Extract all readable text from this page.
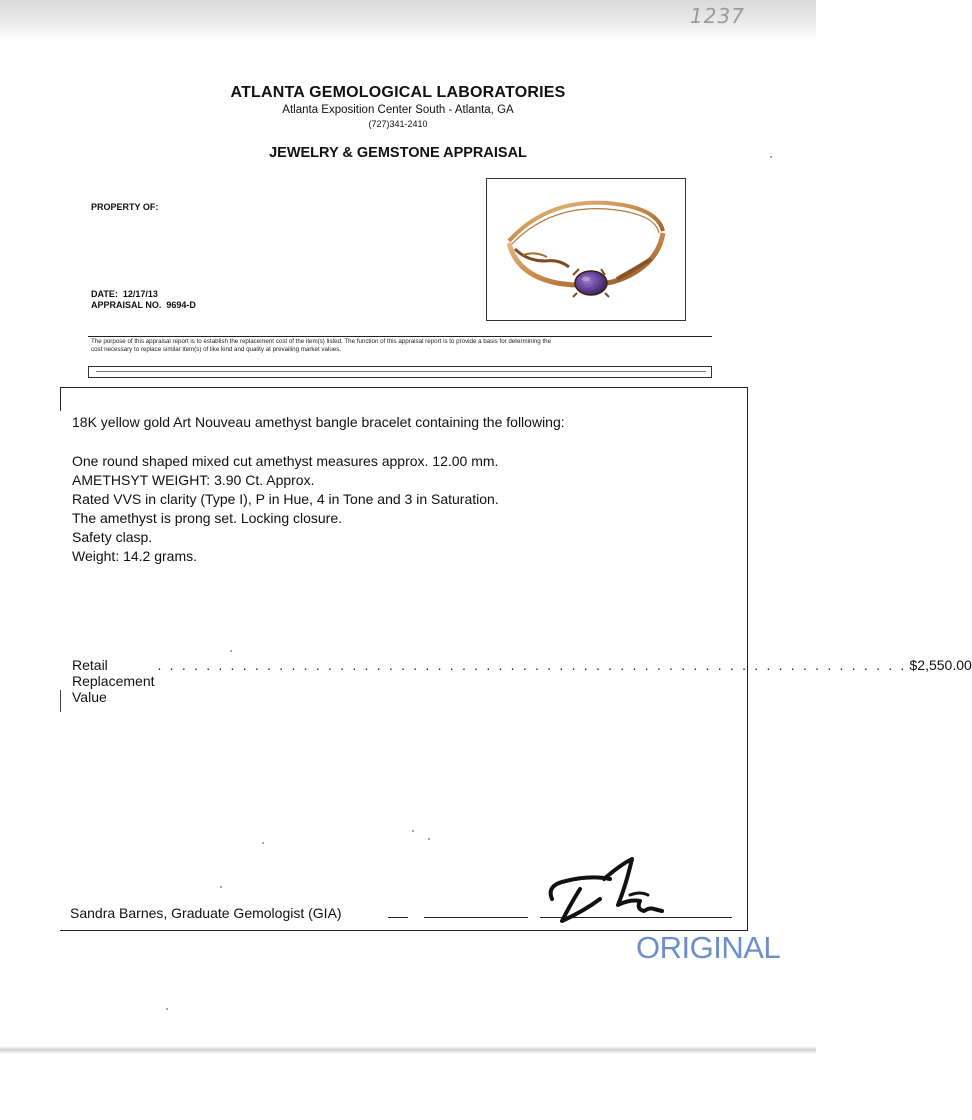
1237
ATLANTA GEMOLOGICAL LABORATORIES
Atlanta Exposition Center South - Atlanta, GA
(727)341-2410
JEWELRY & GEMSTONE APPRAISAL
PROPERTY OF:
DATE: 12/17/13
APPRAISAL NO. 9694-D
The purpose of this appraisal report is to establish the replacement cost of the item(s) listed. The function of this appraisal report is to provide a basis for determining the
cost necessary to replace similar item(s) of like kind and quality at prevailing market values.
18K yellow gold Art Nouveau amethyst bangle bracelet containing the following:
One round shaped mixed cut amethyst measures approx. 12.00 mm.
AMETHSYT WEIGHT: 3.90 Ct. Approx.
Rated VVS in clarity (Type I), P in Hue, 4 in Tone and 3 in Saturation.
The amethyst is prong set. Locking closure.
Safety clasp.
Weight: 14.2 grams.
Retail Replacement Value
. . . . . . . . . . . . . . . . . . . . . . . . . . . . . . . . . . . . . . . . . . . . . . . . . . . . . . . . . . . . . . $2,550.00
Sandra Barnes, Graduate Gemologist (GIA)
ORIGINAL
